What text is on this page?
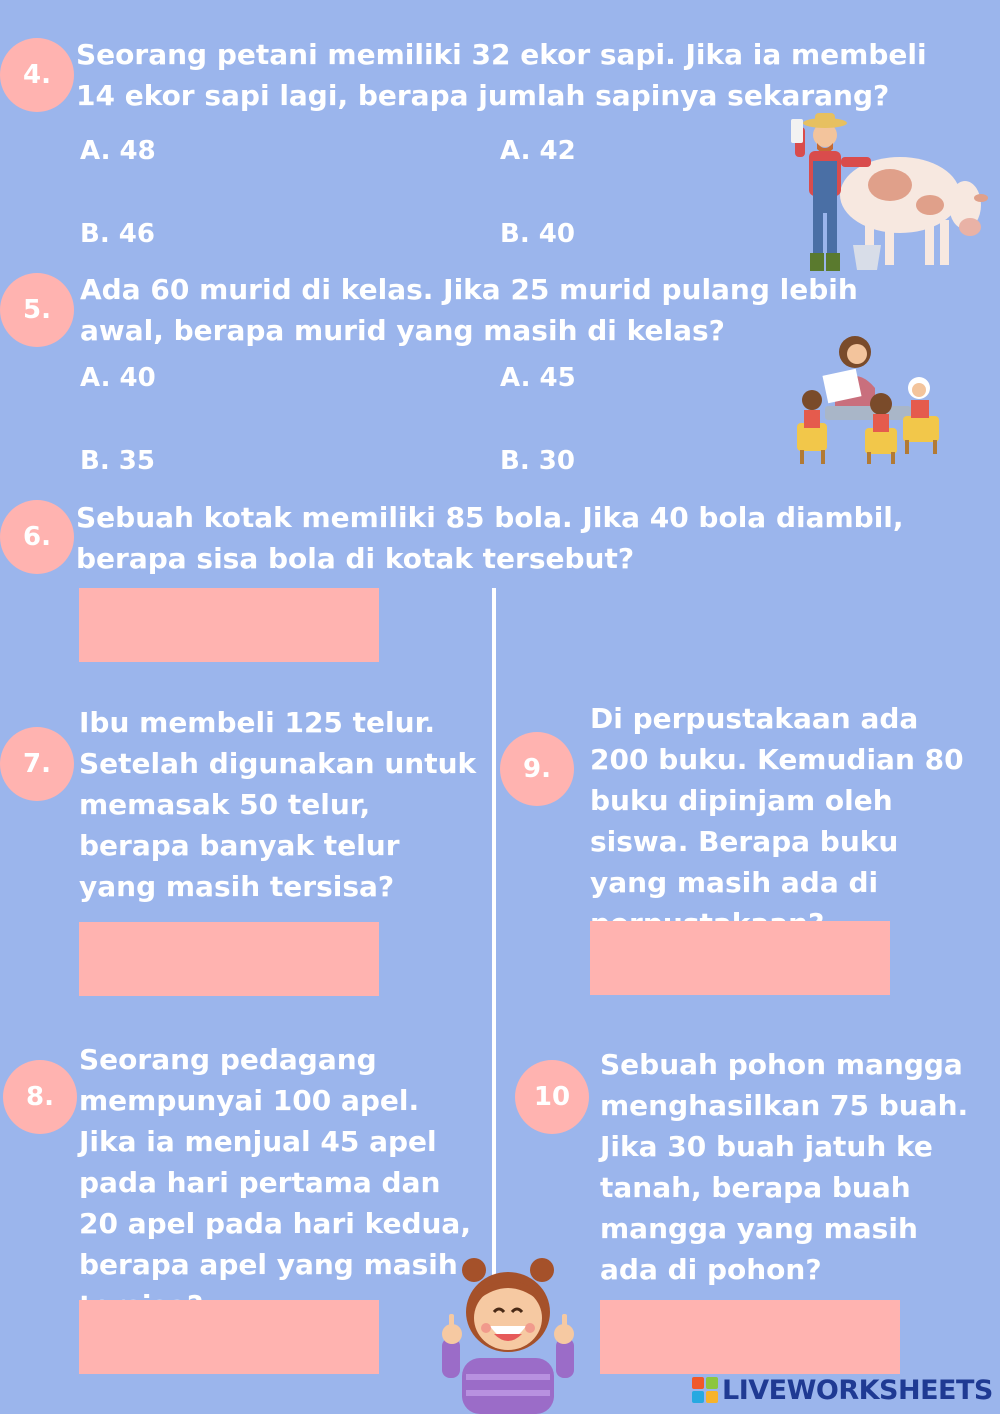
4.
Seorang petani memiliki 32 ekor sapi. Jika ia membeli 14 ekor sapi lagi, berapa jumlah sapinya sekarang?
A. 48	A. 42
B. 46	B. 40
5.
Ada 60 murid di kelas. Jika 25 murid pulang lebih awal, berapa murid yang masih di kelas?
A. 40	A. 45
B. 35	B. 30
6.
Sebuah kotak memiliki 85 bola. Jika 40 bola diambil, berapa sisa bola di kotak tersebut?
7.
Ibu membeli 125 telur. Setelah digunakan untuk memasak 50 telur, berapa banyak telur yang masih tersisa?
8.
Seorang pedagang mempunyai 100 apel. Jika ia menjual 45 apel pada hari pertama dan 20 apel pada hari kedua, berapa apel yang masih
9.
Di perpustakaan ada 200 buku. Kemudian 80 buku dipinjam oleh siswa. Berapa buku yang masih ada di
10
Sebuah pohon mangga menghasilkan 75 buah. Jika 30 buah jatuh ke tanah, berapa buah mangga yang masih ada di pohon?
LIVEWORKSHEETS
